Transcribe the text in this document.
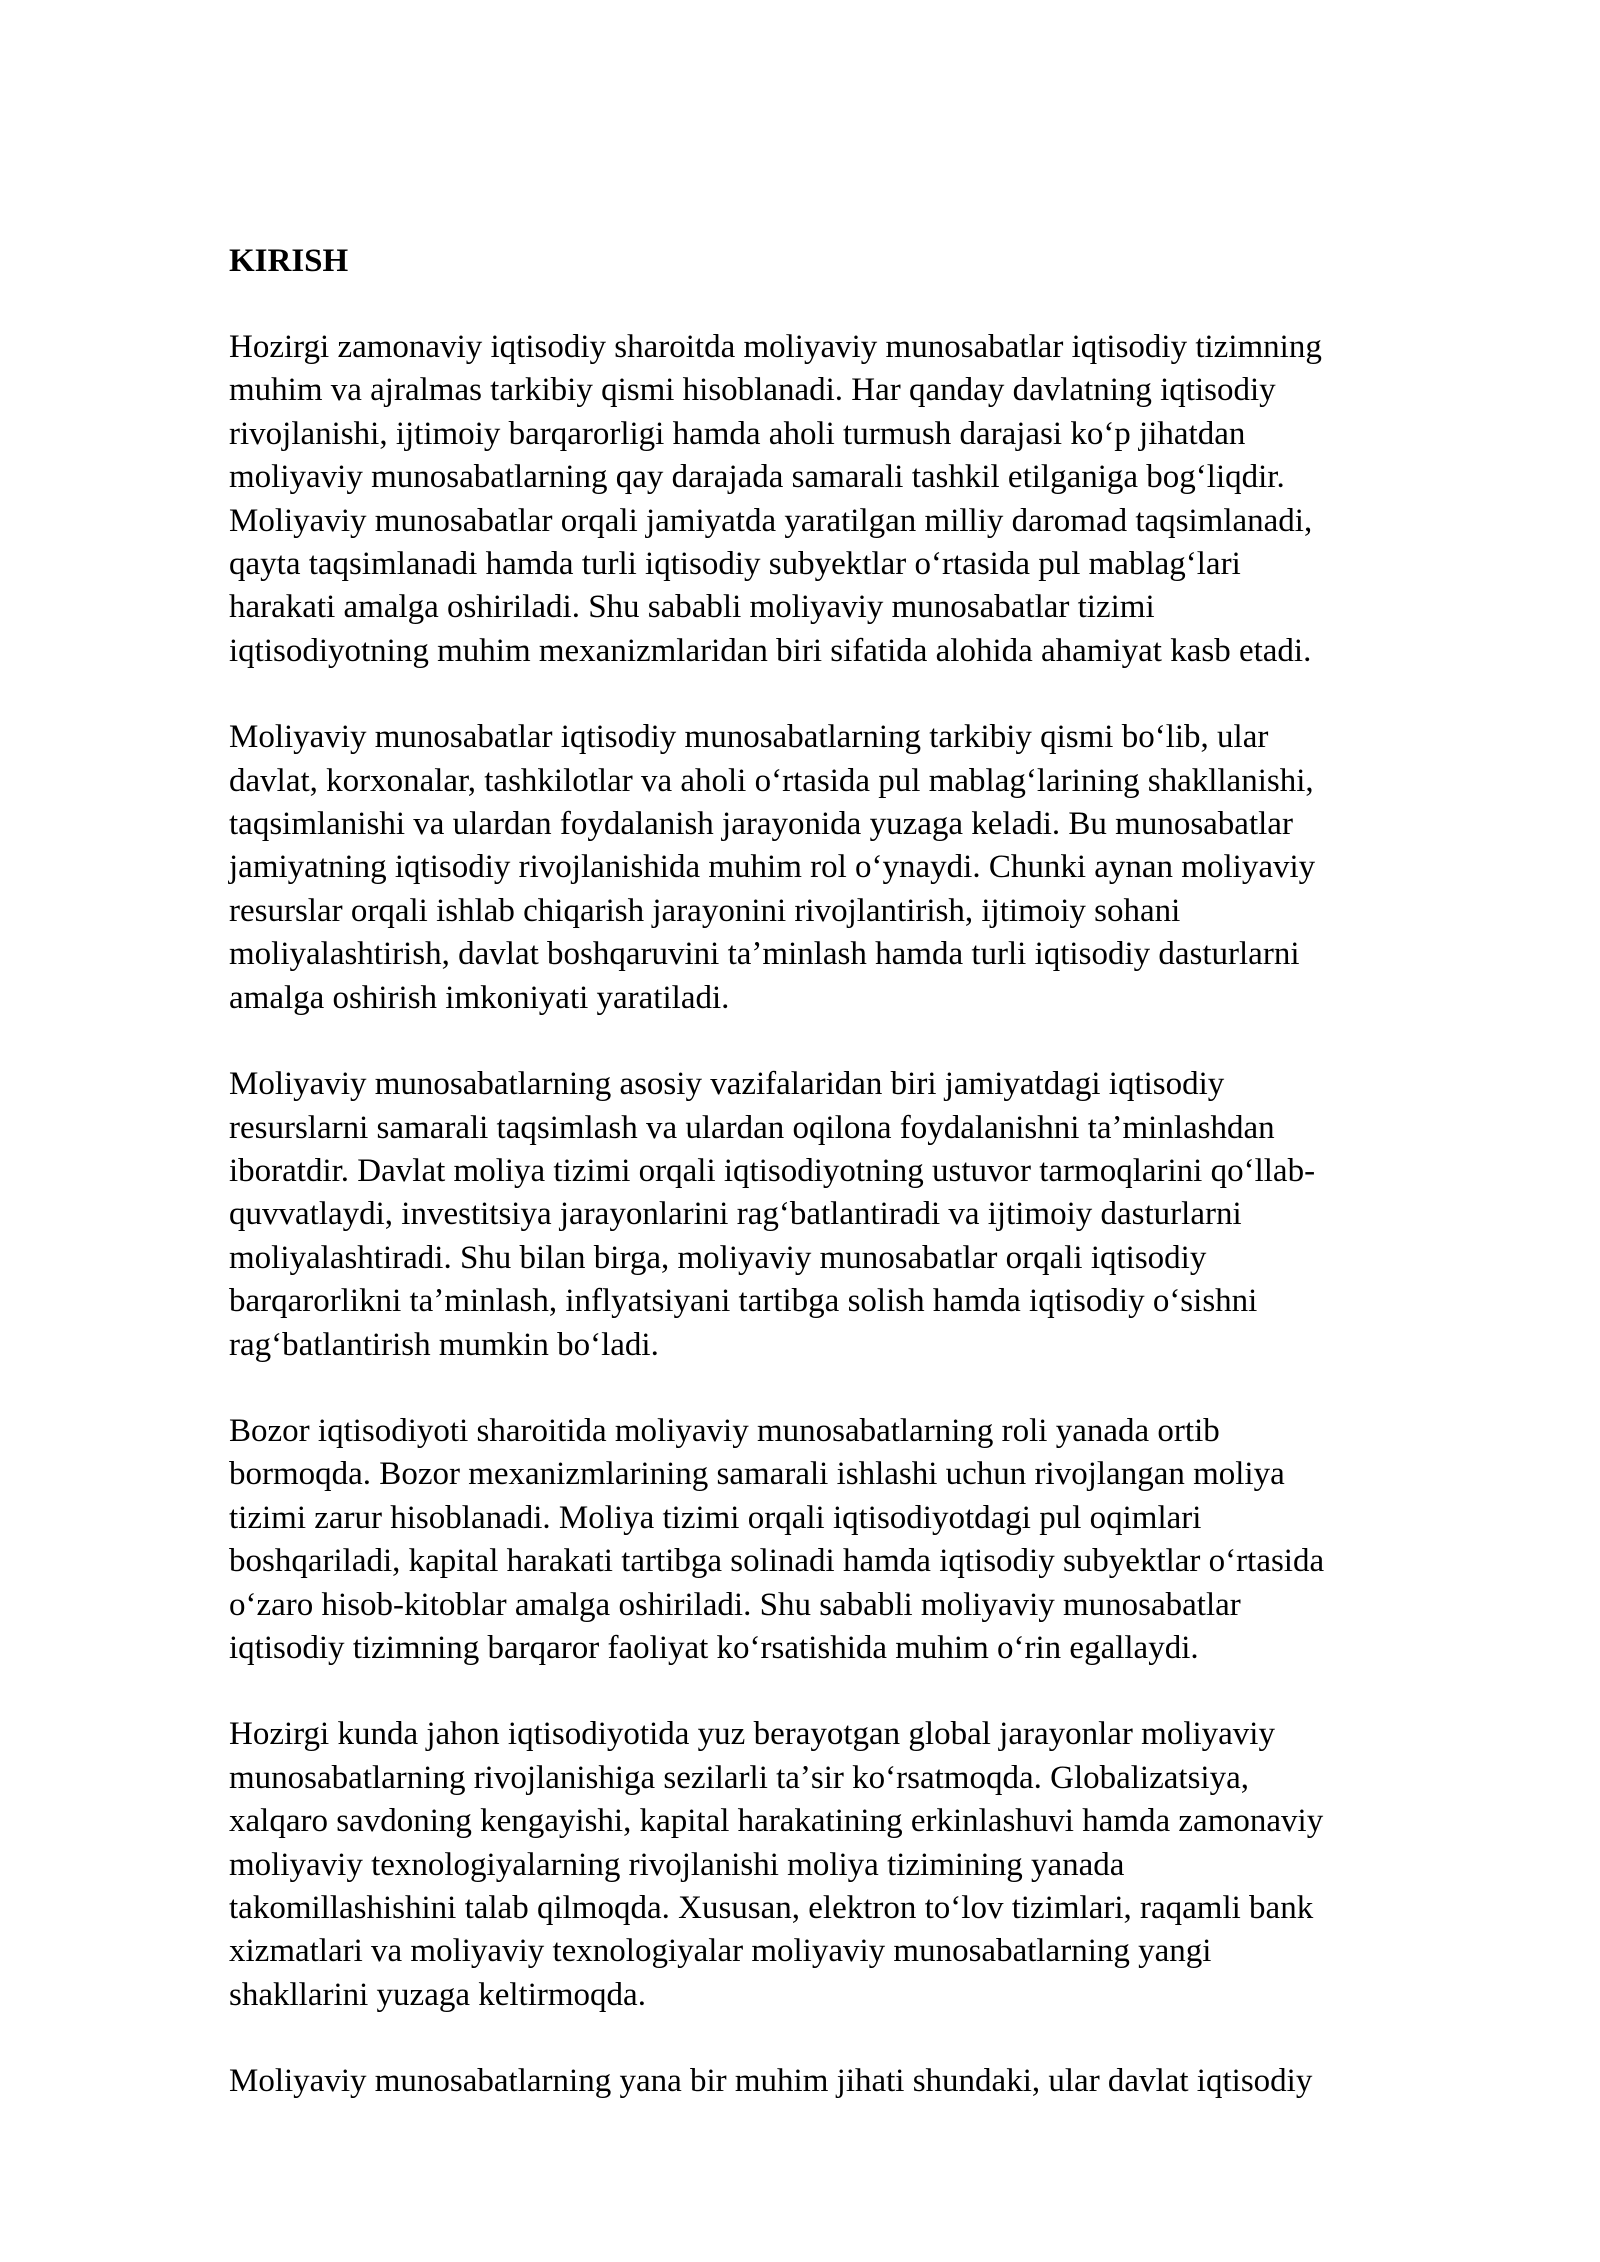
KIRISH

Hozirgi zamonaviy iqtisodiy sharoitda moliyaviy munosabatlar iqtisodiy tizimning
muhim va ajralmas tarkibiy qismi hisoblanadi. Har qanday davlatning iqtisodiy
rivojlanishi, ijtimoiy barqarorligi hamda aholi turmush darajasi koʻp jihatdan
moliyaviy munosabatlarning qay darajada samarali tashkil etilganiga bogʻliqdir.
Moliyaviy munosabatlar orqali jamiyatda yaratilgan milliy daromad taqsimlanadi,
qayta taqsimlanadi hamda turli iqtisodiy subyektlar oʻrtasida pul mablagʻlari
harakati amalga oshiriladi. Shu sababli moliyaviy munosabatlar tizimi
iqtisodiyotning muhim mexanizmlaridan biri sifatida alohida ahamiyat kasb etadi.

Moliyaviy munosabatlar iqtisodiy munosabatlarning tarkibiy qismi boʻlib, ular
davlat, korxonalar, tashkilotlar va aholi oʻrtasida pul mablagʻlarining shakllanishi,
taqsimlanishi va ulardan foydalanish jarayonida yuzaga keladi. Bu munosabatlar
jamiyatning iqtisodiy rivojlanishida muhim rol oʻynaydi. Chunki aynan moliyaviy
resurslar orqali ishlab chiqarish jarayonini rivojlantirish, ijtimoiy sohani
moliyalashtirish, davlat boshqaruvini taʼminlash hamda turli iqtisodiy dasturlarni
amalga oshirish imkoniyati yaratiladi.

Moliyaviy munosabatlarning asosiy vazifalaridan biri jamiyatdagi iqtisodiy
resurslarni samarali taqsimlash va ulardan oqilona foydalanishni taʼminlashdan
iboratdir. Davlat moliya tizimi orqali iqtisodiyotning ustuvor tarmoqlarini qoʻllab-
quvvatlaydi, investitsiya jarayonlarini ragʻbatlantiradi va ijtimoiy dasturlarni
moliyalashtiradi. Shu bilan birga, moliyaviy munosabatlar orqali iqtisodiy
barqarorlikni taʼminlash, inflyatsiyani tartibga solish hamda iqtisodiy oʻsishni
ragʻbatlantirish mumkin boʻladi.

Bozor iqtisodiyoti sharoitida moliyaviy munosabatlarning roli yanada ortib
bormoqda. Bozor mexanizmlarining samarali ishlashi uchun rivojlangan moliya
tizimi zarur hisoblanadi. Moliya tizimi orqali iqtisodiyotdagi pul oqimlari
boshqariladi, kapital harakati tartibga solinadi hamda iqtisodiy subyektlar oʻrtasida
oʻzaro hisob-kitoblar amalga oshiriladi. Shu sababli moliyaviy munosabatlar
iqtisodiy tizimning barqaror faoliyat koʻrsatishida muhim oʻrin egallaydi.

Hozirgi kunda jahon iqtisodiyotida yuz berayotgan global jarayonlar moliyaviy
munosabatlarning rivojlanishiga sezilarli taʼsir koʻrsatmoqda. Globalizatsiya,
xalqaro savdoning kengayishi, kapital harakatining erkinlashuvi hamda zamonaviy
moliyaviy texnologiyalarning rivojlanishi moliya tizimining yanada
takomillashishini talab qilmoqda. Xususan, elektron toʻlov tizimlari, raqamli bank
xizmatlari va moliyaviy texnologiyalar moliyaviy munosabatlarning yangi
shakllarini yuzaga keltirmoqda.

Moliyaviy munosabatlarning yana bir muhim jihati shundaki, ular davlat iqtisodiy
